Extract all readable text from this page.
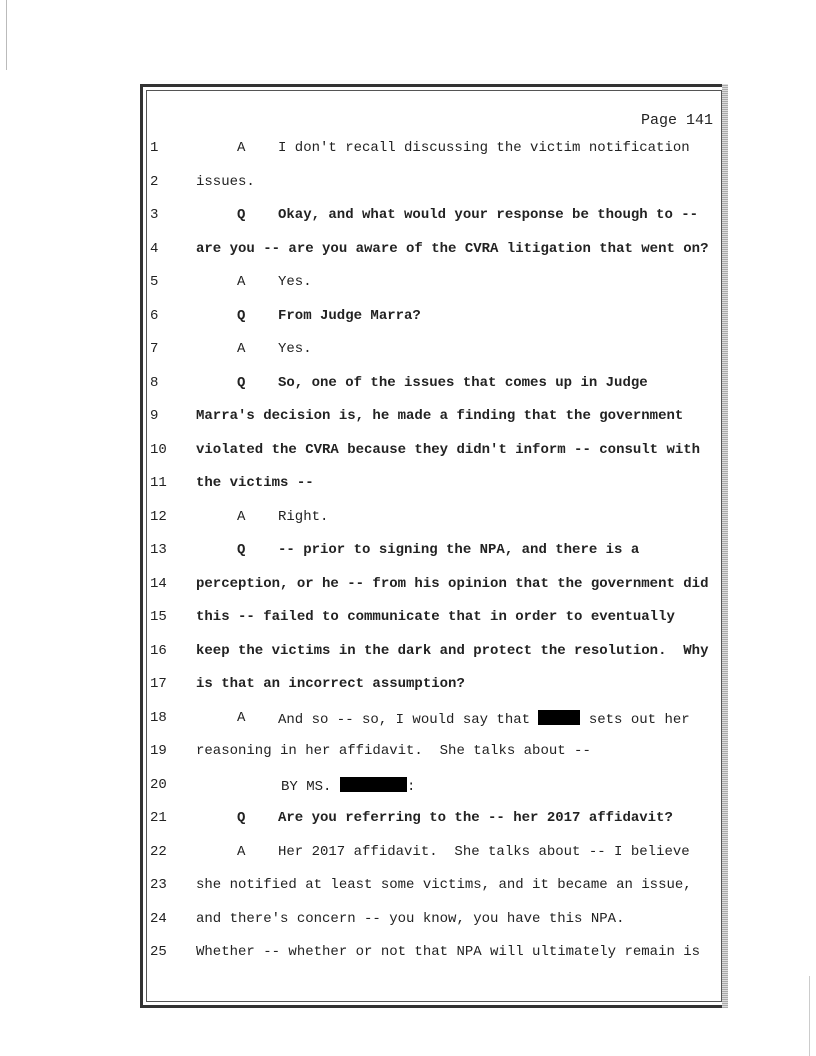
Page 141
1	A I don't recall discussing the victim notification
2	issues.
3	Q Okay, and what would your response be though to --
4	are you -- are you aware of the CVRA litigation that went on?
5	A Yes.
6	Q From Judge Marra?
7	A Yes.
8	Q So, one of the issues that comes up in Judge
9	Marra's decision is, he made a finding that the government
10 violated the CVRA because they didn't inform -- consult with
11 the victims --
12	A Right.
13	Q -- prior to signing the NPA, and there is a
14 perception, or he -- from his opinion that the government did
15 this -- failed to communicate that in order to eventually
16 keep the victims in the dark and protect the resolution.  Why
17 is that an incorrect assumption?
18	A And so -- so, I would say that	sets out her
19 reasoning in her affidavit.  She talks about --
20	BY MS.	:
21	Q Are you referring to the -- her 2017 affidavit?
22	A Her 2017 affidavit.  She talks about -- I believe
23 she notified at least some victims, and it became an issue,
24 and there's concern -- you know, you have this NPA.
25 Whether -- whether or not that NPA will ultimately remain is
